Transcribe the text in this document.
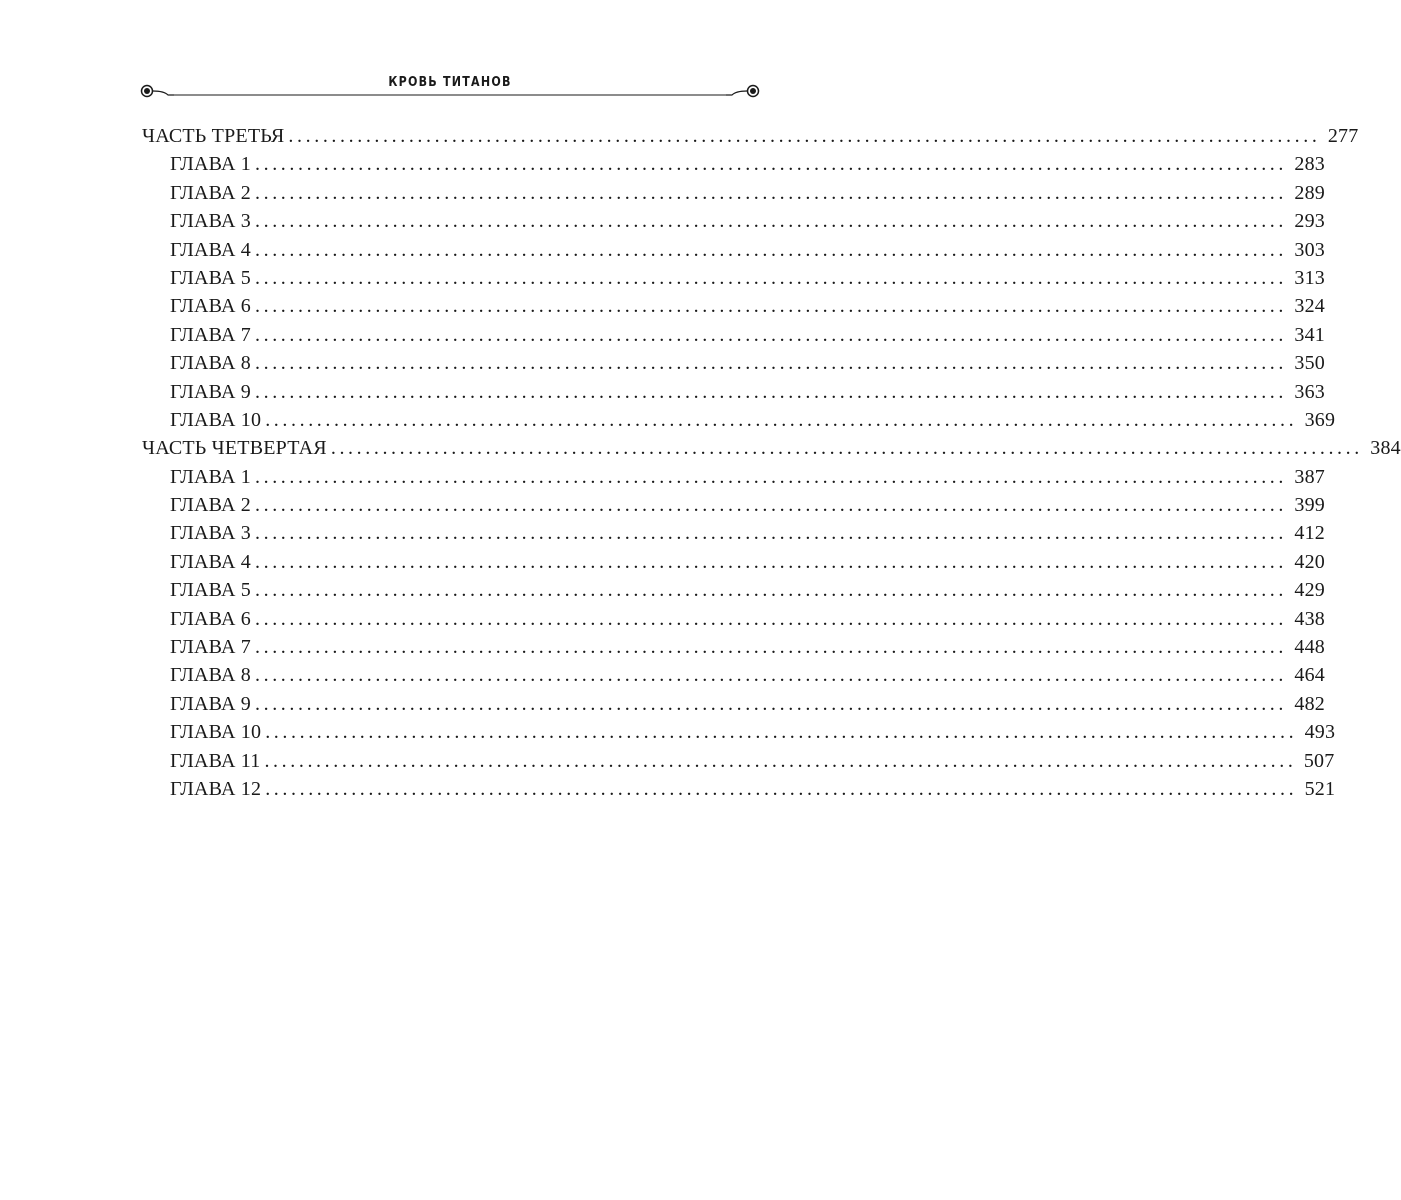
КРОВЬ ТИТАНОВ
ЧАСТЬ ТРЕТЬЯ ........................................................................................................................ 277
ГЛАВА 1 ........................................................................................................................ 283
ГЛАВА 2 ........................................................................................................................ 289
ГЛАВА 3 ........................................................................................................................ 293
ГЛАВА 4 ........................................................................................................................ 303
ГЛАВА 5 ........................................................................................................................ 313
ГЛАВА 6 ........................................................................................................................ 324
ГЛАВА 7 ........................................................................................................................ 341
ГЛАВА 8 ........................................................................................................................ 350
ГЛАВА 9 ........................................................................................................................ 363
ГЛАВА 10 ........................................................................................................................ 369
ЧАСТЬ ЧЕТВЕРТАЯ ........................................................................................................................ 384
ГЛАВА 1 ........................................................................................................................ 387
ГЛАВА 2 ........................................................................................................................ 399
ГЛАВА 3 ........................................................................................................................ 412
ГЛАВА 4 ........................................................................................................................ 420
ГЛАВА 5 ........................................................................................................................ 429
ГЛАВА 6 ........................................................................................................................ 438
ГЛАВА 7 ........................................................................................................................ 448
ГЛАВА 8 ........................................................................................................................ 464
ГЛАВА 9 ........................................................................................................................ 482
ГЛАВА 10 ........................................................................................................................ 493
ГЛАВА 11 ........................................................................................................................ 507
ГЛАВА 12 ........................................................................................................................ 521
